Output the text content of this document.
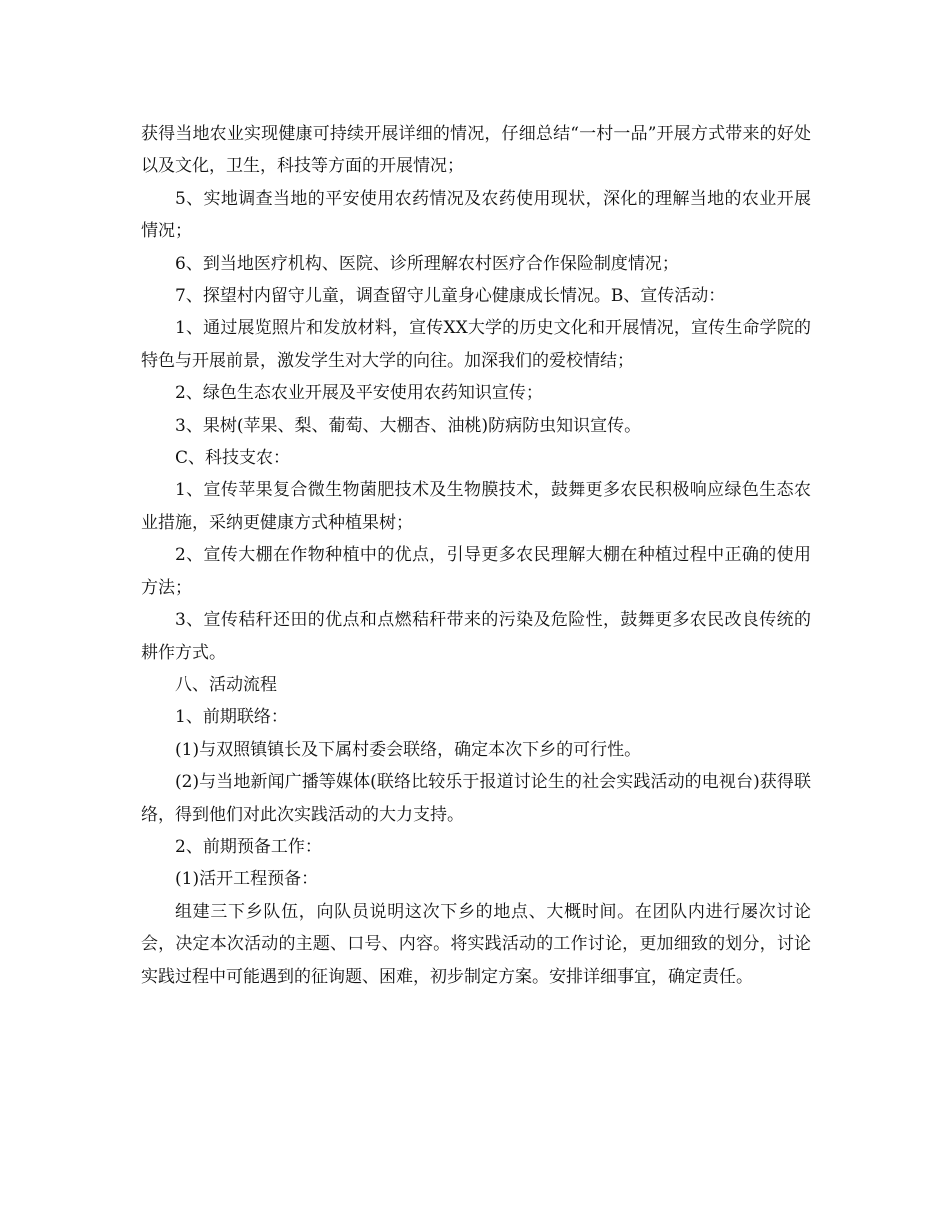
获得当地农业实现健康可持续开展详细的情况，仔细总结“一村一品”开展方式带来的好处以及文化，卫生，科技等方面的开展情况；

5、实地调查当地的平安使用农药情况及农药使用现状，深化的理解当地的农业开展情况；

6、到当地医疗机构、医院、诊所理解农村医疗合作保险制度情况；

7、探望村内留守儿童，调查留守儿童身心健康成长情况。B、宣传活动：

1、通过展览照片和发放材料，宣传XX大学的历史文化和开展情况，宣传生命学院的特色与开展前景，激发学生对大学的向往。加深我们的爱校情结；

2、绿色生态农业开展及平安使用农药知识宣传；

3、果树(苹果、梨、葡萄、大棚杏、油桃)防病防虫知识宣传。

C、科技支农：

1、宣传苹果复合微生物菌肥技术及生物膜技术，鼓舞更多农民积极响应绿色生态农业措施，采纳更健康方式种植果树；

2、宣传大棚在作物种植中的优点，引导更多农民理解大棚在种植过程中正确的使用方法；

3、宣传秸秆还田的优点和点燃秸秆带来的污染及危险性，鼓舞更多农民改良传统的耕作方式。

八、活动流程

1、前期联络：

(1)与双照镇镇长及下属村委会联络，确定本次下乡的可行性。

(2)与当地新闻广播等媒体(联络比较乐于报道讨论生的社会实践活动的电视台)获得联络，得到他们对此次实践活动的大力支持。

2、前期预备工作：

(1)活开工程预备：

组建三下乡队伍，向队员说明这次下乡的地点、大概时间。在团队内进行屡次讨论会，决定本次活动的主题、口号、内容。将实践活动的工作讨论，更加细致的划分，讨论实践过程中可能遇到的征询题、困难，初步制定方案。安排详细事宜，确定责任。
